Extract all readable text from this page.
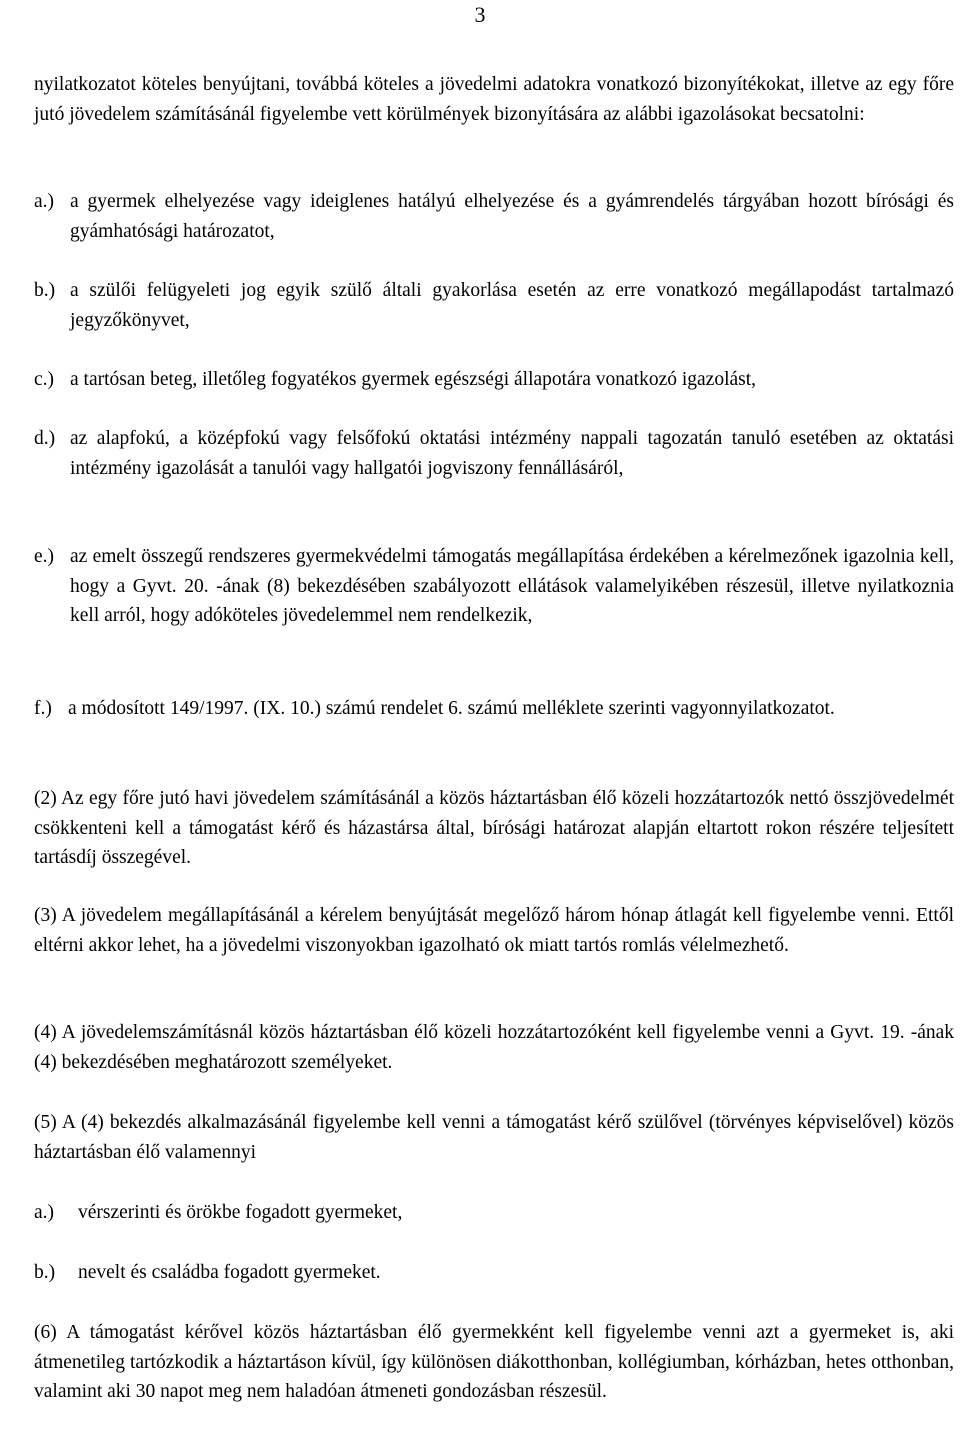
3

nyilatkozatot köteles benyújtani, továbbá köteles a jövedelmi adatokra vonatkozó bizonyítékokat, illetve az egy főre jutó jövedelem számításánál figyelembe vett körülmények bizonyítására az alábbi igazolásokat becsatolni:

a.) a gyermek elhelyezése vagy ideiglenes hatályú elhelyezése és a gyámrendelés tárgyában hozott bírósági és gyámhatósági határozatot,
b.) a szülői felügyeleti jog egyik szülő általi gyakorlása esetén az erre vonatkozó megállapodást tartalmazó jegyzőkönyvet,
c.) a tartósan beteg, illetőleg fogyatékos gyermek egészségi állapotára vonatkozó igazolást,
d.) az alapfokú, a középfokú vagy felsőfokú oktatási intézmény nappali tagozatán tanuló esetében az oktatási intézmény igazolását a tanulói vagy hallgatói jogviszony fennállásáról,
e.) az emelt összegű rendszeres gyermekvédelmi támogatás megállapítása érdekében a kérelmezőnek igazolnia kell, hogy a Gyvt. 20. -ának (8) bekezdésében szabályozott ellátások valamelyikében részesül, illetve nyilatkoznia kell arról, hogy adóköteles jövedelemmel nem rendelkezik,
f.) a módosított 149/1997. (IX. 10.) számú rendelet 6. számú melléklete szerinti vagyonnyilatkozatot.

(2) Az egy főre jutó havi jövedelem számításánál a közös háztartásban élő közeli hozzátartozók nettó összjövedelmét csökkenteni kell a támogatást kérő és házastársa által, bírósági határozat alapján eltartott rokon részére teljesített tartásdíj összegével.

(3) A jövedelem megállapításánál a kérelem benyújtását megelőző három hónap átlagát kell figyelembe venni. Ettől eltérni akkor lehet, ha a jövedelmi viszonyokban igazolható ok miatt tartós romlás vélelmezhető.

(4) A jövedelemszámításnál közös háztartásban élő közeli hozzátartozóként kell figyelembe venni a Gyvt. 19. -ának (4) bekezdésében meghatározott személyeket.

(5) A (4) bekezdés alkalmazásánál figyelembe kell venni a támogatást kérő szülővel (törvényes képviselővel) közös háztartásban élő valamennyi

a.) vérszerinti és örökbe fogadott gyermeket,
b.) nevelt és családba fogadott gyermeket.

(6) A támogatást kérővel közös háztartásban élő gyermekként kell figyelembe venni azt a gyermeket is, aki átmenetileg tartózkodik a háztartáson kívül, így különösen diákotthonban, kollégiumban, kórházban, hetes otthonban, valamint aki 30 napot meg nem haladóan átmeneti gondozásban részesül.
